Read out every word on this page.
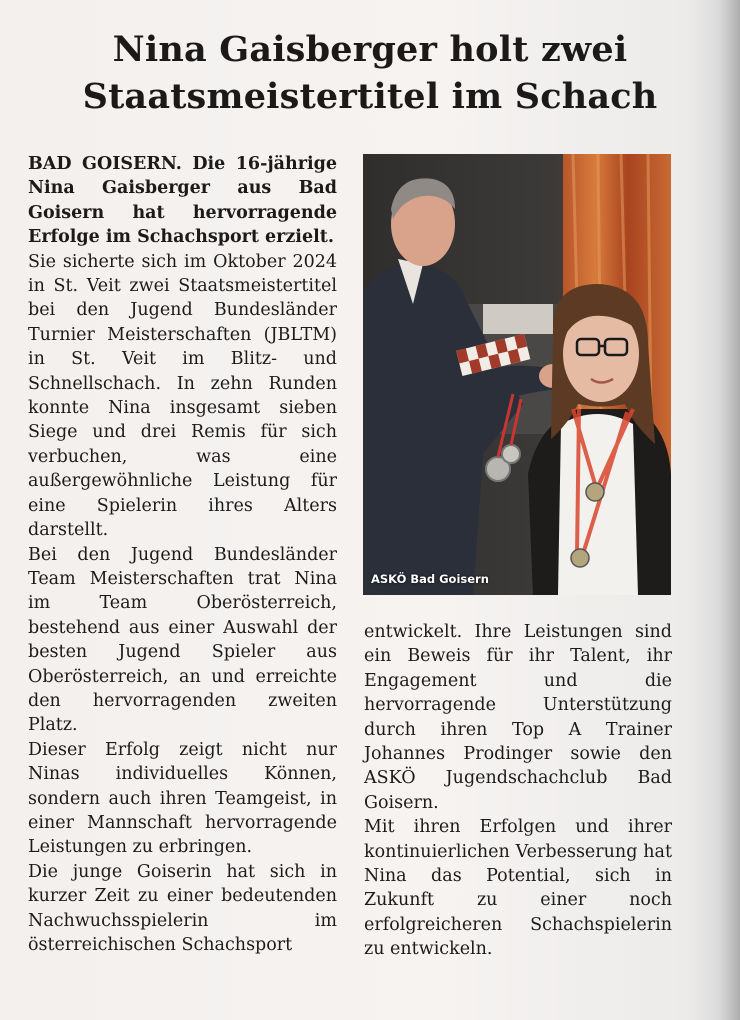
Nina Gaisberger holt zwei
Staatsmeistertitel im Schach

BAD GOISERN. Die 16-jährige Nina Gaisberger aus Bad Goisern hat hervorragende Erfolge im Schachsport erzielt.

Sie sicherte sich im Oktober 2024 in St. Veit zwei Staatsmeistertitel bei den Jugend Bundesländer Turnier Meisterschaften (JBLTM) in St. Veit im Blitz- und Schnellschach. In zehn Runden konnte Nina insgesamt sieben Siege und drei Remis für sich verbuchen, was eine außergewöhnliche Leistung für eine Spielerin ihres Alters darstellt.

Bei den Jugend Bundesländer Team Meisterschaften trat Nina im Team Oberösterreich, bestehend aus einer Auswahl der besten Jugend Spieler aus Oberösterreich, an und erreichte den hervorragenden zweiten Platz.

Dieser Erfolg zeigt nicht nur Ninas individuelles Können, sondern auch ihren Teamgeist, in einer Mannschaft hervorragende Leistungen zu erbringen.

Die junge Goiserin hat sich in kurzer Zeit zu einer bedeutenden Nachwuchsspielerin im österreichischen Schachsport

ASKÖ Bad Goisern

entwickelt. Ihre Leistungen sind ein Beweis für ihr Talent, ihr Engagement und die hervorragende Unterstützung durch ihren Top A Trainer Johannes Prodinger sowie den ASKÖ Jugendschachclub Bad Goisern.

Mit ihren Erfolgen und ihrer kontinuierlichen Verbesserung hat Nina das Potential, sich in Zukunft zu einer noch erfolgreicheren Schachspielerin zu entwickeln.
